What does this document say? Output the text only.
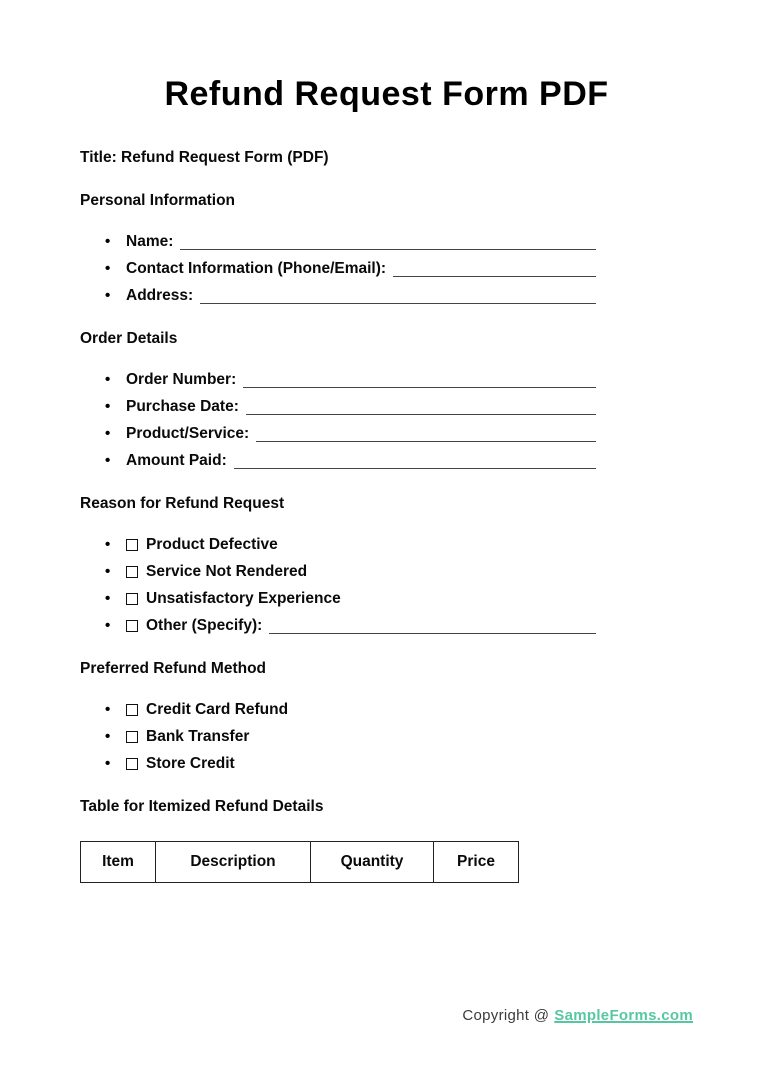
Refund Request Form PDF

Title: Refund Request Form (PDF)

Personal Information
•	Name:
•	Contact Information (Phone/Email):
•	Address:
Order Details
•	Order Number:
•	Purchase Date:
•	Product/Service:
•	Amount Paid:
Reason for Refund Request
•	Product Defective
•	Service Not Rendered
•	Unsatisfactory Experience
•	Other (Specify):
Preferred Refund Method
•	Credit Card Refund
•	Bank Transfer
•	Store Credit
Table for Itemized Refund Details
Item	Description	Quantity	Price
Copyright @ SampleForms.com
